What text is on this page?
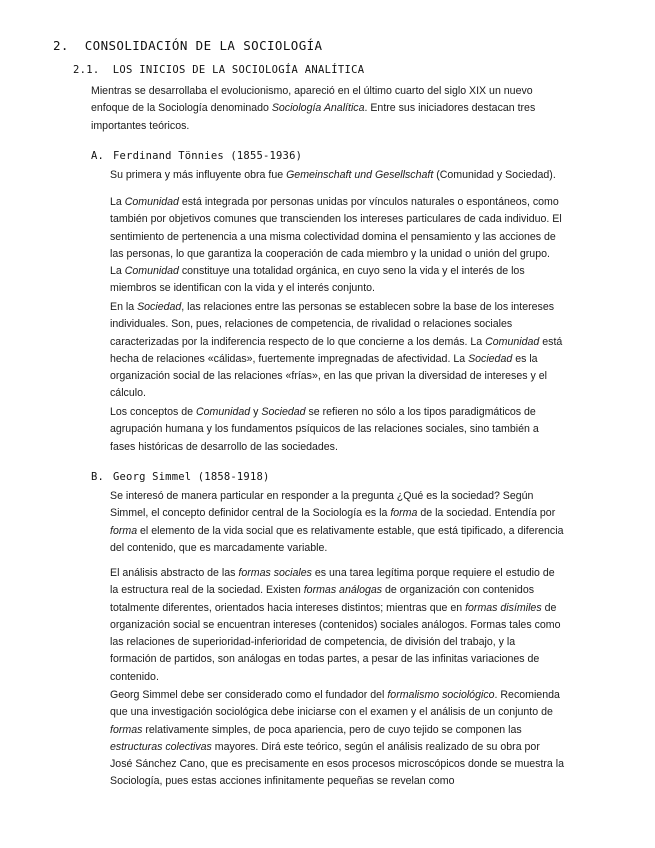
2. CONSOLIDACIÓN DE LA SOCIOLOGÍA
2.1. LOS INICIOS DE LA SOCIOLOGÍA ANALÍTICA

Mientras se desarrollaba el evolucionismo, apareció en el último cuarto del siglo XIX un nuevo enfoque de la Sociología denominado Sociología Analítica. Entre sus iniciadores destacan tres importantes teóricos.

A. Ferdinand Tönnies (1855-1936)

Su primera y más influyente obra fue Gemeinschaft und Gesellschaft (Comunidad y Sociedad).

La Comunidad está integrada por personas unidas por vínculos naturales o espontáneos, como también por objetivos comunes que transcienden los intereses particulares de cada individuo. El sentimiento de pertenencia a una misma colectividad domina el pensamiento y las acciones de las personas, lo que garantiza la cooperación de cada miembro y la unidad o unión del grupo. La Comunidad constituye una totalidad orgánica, en cuyo seno la vida y el interés de los miembros se identifican con la vida y el interés conjunto.

En la Sociedad, las relaciones entre las personas se establecen sobre la base de los intereses individuales. Son, pues, relaciones de competencia, de rivalidad o relaciones sociales caracterizadas por la indiferencia respecto de lo que concierne a los demás. La Comunidad está hecha de relaciones «cálidas», fuertemente impregnadas de afectividad. La Sociedad es la organización social de las relaciones «frías», en las que privan la diversidad de intereses y el cálculo.

Los conceptos de Comunidad y Sociedad se refieren no sólo a los tipos paradigmáticos de agrupación humana y los fundamentos psíquicos de las relaciones sociales, sino también a fases históricas de desarrollo de las sociedades.

B. Georg Simmel (1858-1918)

Se interesó de manera particular en responder a la pregunta ¿Qué es la sociedad? Según Simmel, el concepto definidor central de la Sociología es la forma de la sociedad. Entendía por forma el elemento de la vida social que es relativamente estable, que está tipificado, a diferencia del contenido, que es marcadamente variable.

El análisis abstracto de las formas sociales es una tarea legítima porque requiere el estudio de la estructura real de la sociedad. Existen formas análogas de organización con contenidos totalmente diferentes, orientados hacia intereses distintos; mientras que en formas disímiles de organización social se encuentran intereses (contenidos) sociales análogos. Formas tales como las relaciones de superioridad-inferioridad de competencia, de división del trabajo, y la formación de partidos, son análogas en todas partes, a pesar de las infinitas variaciones de contenido.

Georg Simmel debe ser considerado como el fundador del formalismo sociológico. Recomienda que una investigación sociológica debe iniciarse con el examen y el análisis de un conjunto de formas relativamente simples, de poca apariencia, pero de cuyo tejido se componen las estructuras colectivas mayores. Dirá este teórico, según el análisis realizado de su obra por José Sánchez Cano, que es precisamente en esos procesos microscópicos donde se muestra la Sociología, pues estas acciones infinitamente pequeñas se revelan como
